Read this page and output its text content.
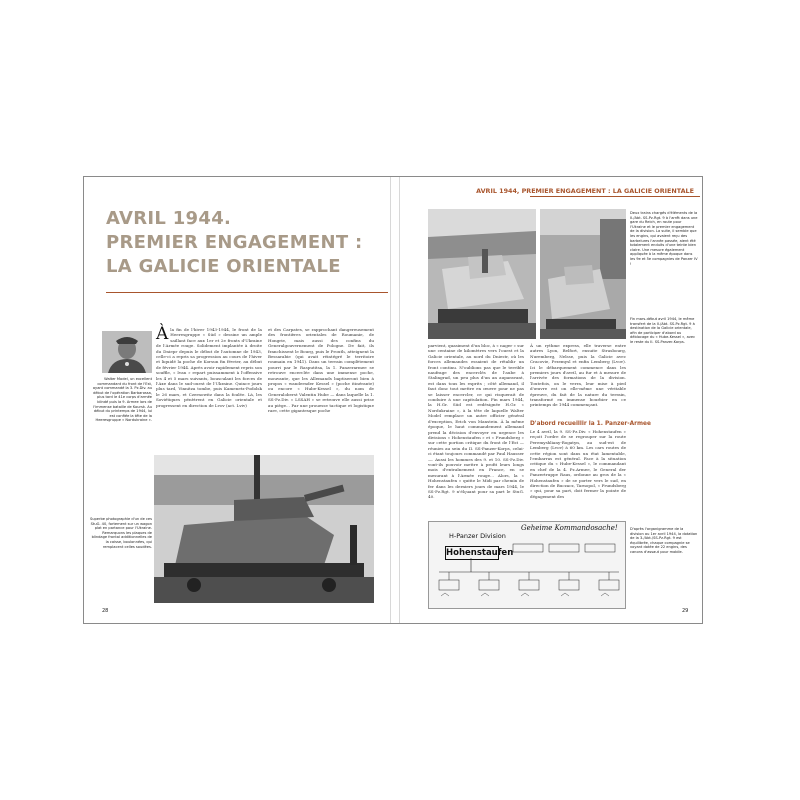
AVRIL 1944.
PREMIER ENGAGEMENT :
LA GALICIE ORIENTALE
Walter Model, un excellent commandant du front de l'Est, ayant commandé la 3. Pz.Div. au début de l'opération Barbarossa, plus tard le 41e corps d'armée blindé puis la 9. Armee lors de l'immense bataille de Koursk. Au début du printemps de 1944, lui est confiée la tête de la Heeresgruppe « Nordukraine ».
Superbe photographie d'un de ces StuG. 40, fortement sur un wagon plat en partance pour l'Ukraine. Remarquons les plaques de blindage frontal additionnelles de la caisse, boulonnées, qui remplacent celles soudées.
Àla fin de l'hiver 1943-1944, le front de la Heeresgruppe « Süd » dessine un ample saillant face aux 1er et 2e fronts d'Ukraine de l'Armée rouge. Solidement implantée à droite du Dniepr depuis le début de l'automne de 1943, celle-ci a repris sa progression au cours de l'hiver et liquidé la poche de Korsun fin février, au début de février 1944. Après avoir rapidement repris son souffle, « Ivan » repart puissamment à l'offensive les 4 et 5 mars suivants, bousculant les forces de l'Axe dans le sud-ouest de l'Ukraine. Quince jours plus tard, Vinnitza tombe, puis Kamenetz-Podolsk le 26 mars, et Czernowitz dans la foulée. Là, les Soviétiques pénètrent en Galicie orientale et progressent en direction de Lvov (act. Lviv)
et des Carpates, se rapprochant dangereusement des frontières orientales de Roumanie, de Hongrie, mais aussi des confins du Generalgouvernement de Pologne. De fait, ils franchissent le Bourg, puis le Prouth, atteignent la Bessarabie (qui avait réintégré le territoire roumain en 1941). Dans un terrain complètement pourri par le Rasputitsa, la 1. Panzerarmee se retrouve encerclée dans une immense poche, mouvante, que les Allemands baptiseront bien à propos « wandernder Kessel » (poche itinérante) ou encore « Hube-Kessel », du nom de Generaloberst Valentin Hube — dans laquelle la 1. SS-Pz.Div. « LSSAH » se retrouve elle aussi prise au piège... Par une prouesse tactique et logistique rare, cette gigantesque poche
28
AVRIL 1944, PREMIER ENGAGEMENT : LA GALICIE ORIENTALE
Deux trains chargés d'éléments de la II./Abt. SS-Pz.Rgt. 9 à l'arrêt dans une gare du Reich, en route pour l'Ukraine et le premier engagement de la division. La suite, il semble que les engins, qui avaient reçu des barbelures l'année passée, aient été totalement enduits d'une teinte bien claire. Une mesure également appliquée à la même époque dans les 9e et 5e compagnies de Panzer IV !
Fin mars-début avril 1944, le même transfert de la II./Abt. SS-Pz.Rgt. 9 à destination de la Galicie orientale, afin de participer d'abord au déblocage du « Hube-Kessel », avec le reste du II. SS-Panzer-Korps.
parvient, quasiment d'un bloc, à « nager » sur une centaine de kilomètres vers l'ouest et la Galicie orientale, au nord du Dniestr, où les forces allemandes essaient de rétablir un front continu. N'oublions pas que le terrible naufrage des encerclés de l'aube à Stalingrad, un peu plus d'un an auparavant, est dans tous les esprits ; côté allemand, il faut donc tout mettre en œuvre pour ne pas se laisser encercler, ce qui risquerait de conduire à une capitulation. Fin mars 1944, la H.Gr. Süd est redésignée H.Gr. « Nordukraine », à la tête de laquelle Walter Model remplace un autre officier général d'exception, Erich von Manstein. À la même époque, le haut commandement allemand prend la décision d'envoyer en urgence les divisions « Hohenstaufen » et « Frundsberg » sur cette portion critique du front de l'Est — réunies au sein du II. SS-Panzer-Korps, celui-ci étant toujours commandé par Paul Hausser —. Aussi les hommes des 9. et 10. SS-Pz.Div. vont-ils pouvoir mettre à profit leurs longs mois d'entraînement en France, en se mesurant à l'Armée rouge... Alors, la « Hohenstaufen » quitte le Midi par chemin de fer dans les derniers jours de mars 1944, le SS-Pz.Rgt. 9 n'élçuant pour sa part le StuG. 40.
À un rythme express, elle traverse entre autres Lyon, Belfort, ensuite Strasbourg, Nuremberg, Nelsse, puis la Galicie avec Cracovie, Przemysl et enfin Lemberg (Lvov). Ici le débarquement commence dans les premiers jours d'avril, au fur et à mesure de l'arrivée des formations de la division. Toutefois, on le verra, leur mise à pied d'œuvre est on elle-même une véritable épreuve, du fait de la nature du terrain, transformé en immense bourbier en ce printemps de 1944 commençant.
D'abord recueillir la 1. Panzer-Armee
Le 4 avril, la 9. SS-Pz.Div. « Hohenstaufen » reçoit l'ordre de se regrouper sur la route Peremyshliany-Rogatyn, au sud-est de Lemberg (Lvov) à 60 km. Les cars routes de cette région sont dans un état lamentable, l'embarras est général. Face à la situation critique du « Hube-Kessel », le commandant en chef de la 4. Pz.Armee, le General der Panzertruppe Raus, ordonne au gros de la « Hohenstaufen » de se porter vers le sud, en direction de Buczacz, Tarnopol, « Frundsberg » qui, pour sa part, doit fermer la pointe de dégagement des
Geheime Kommandosache!
H-Panzer Division
Hohenstaufen
D'après l'organigramme de la division au 1er avril 1944, la dotation de la 3./Abt./SS-Pz.Rgt. 9 est équilibrée, chaque compagnie se voyant dotée de 22 engins, des canons d'assaut pour mobile.
29
